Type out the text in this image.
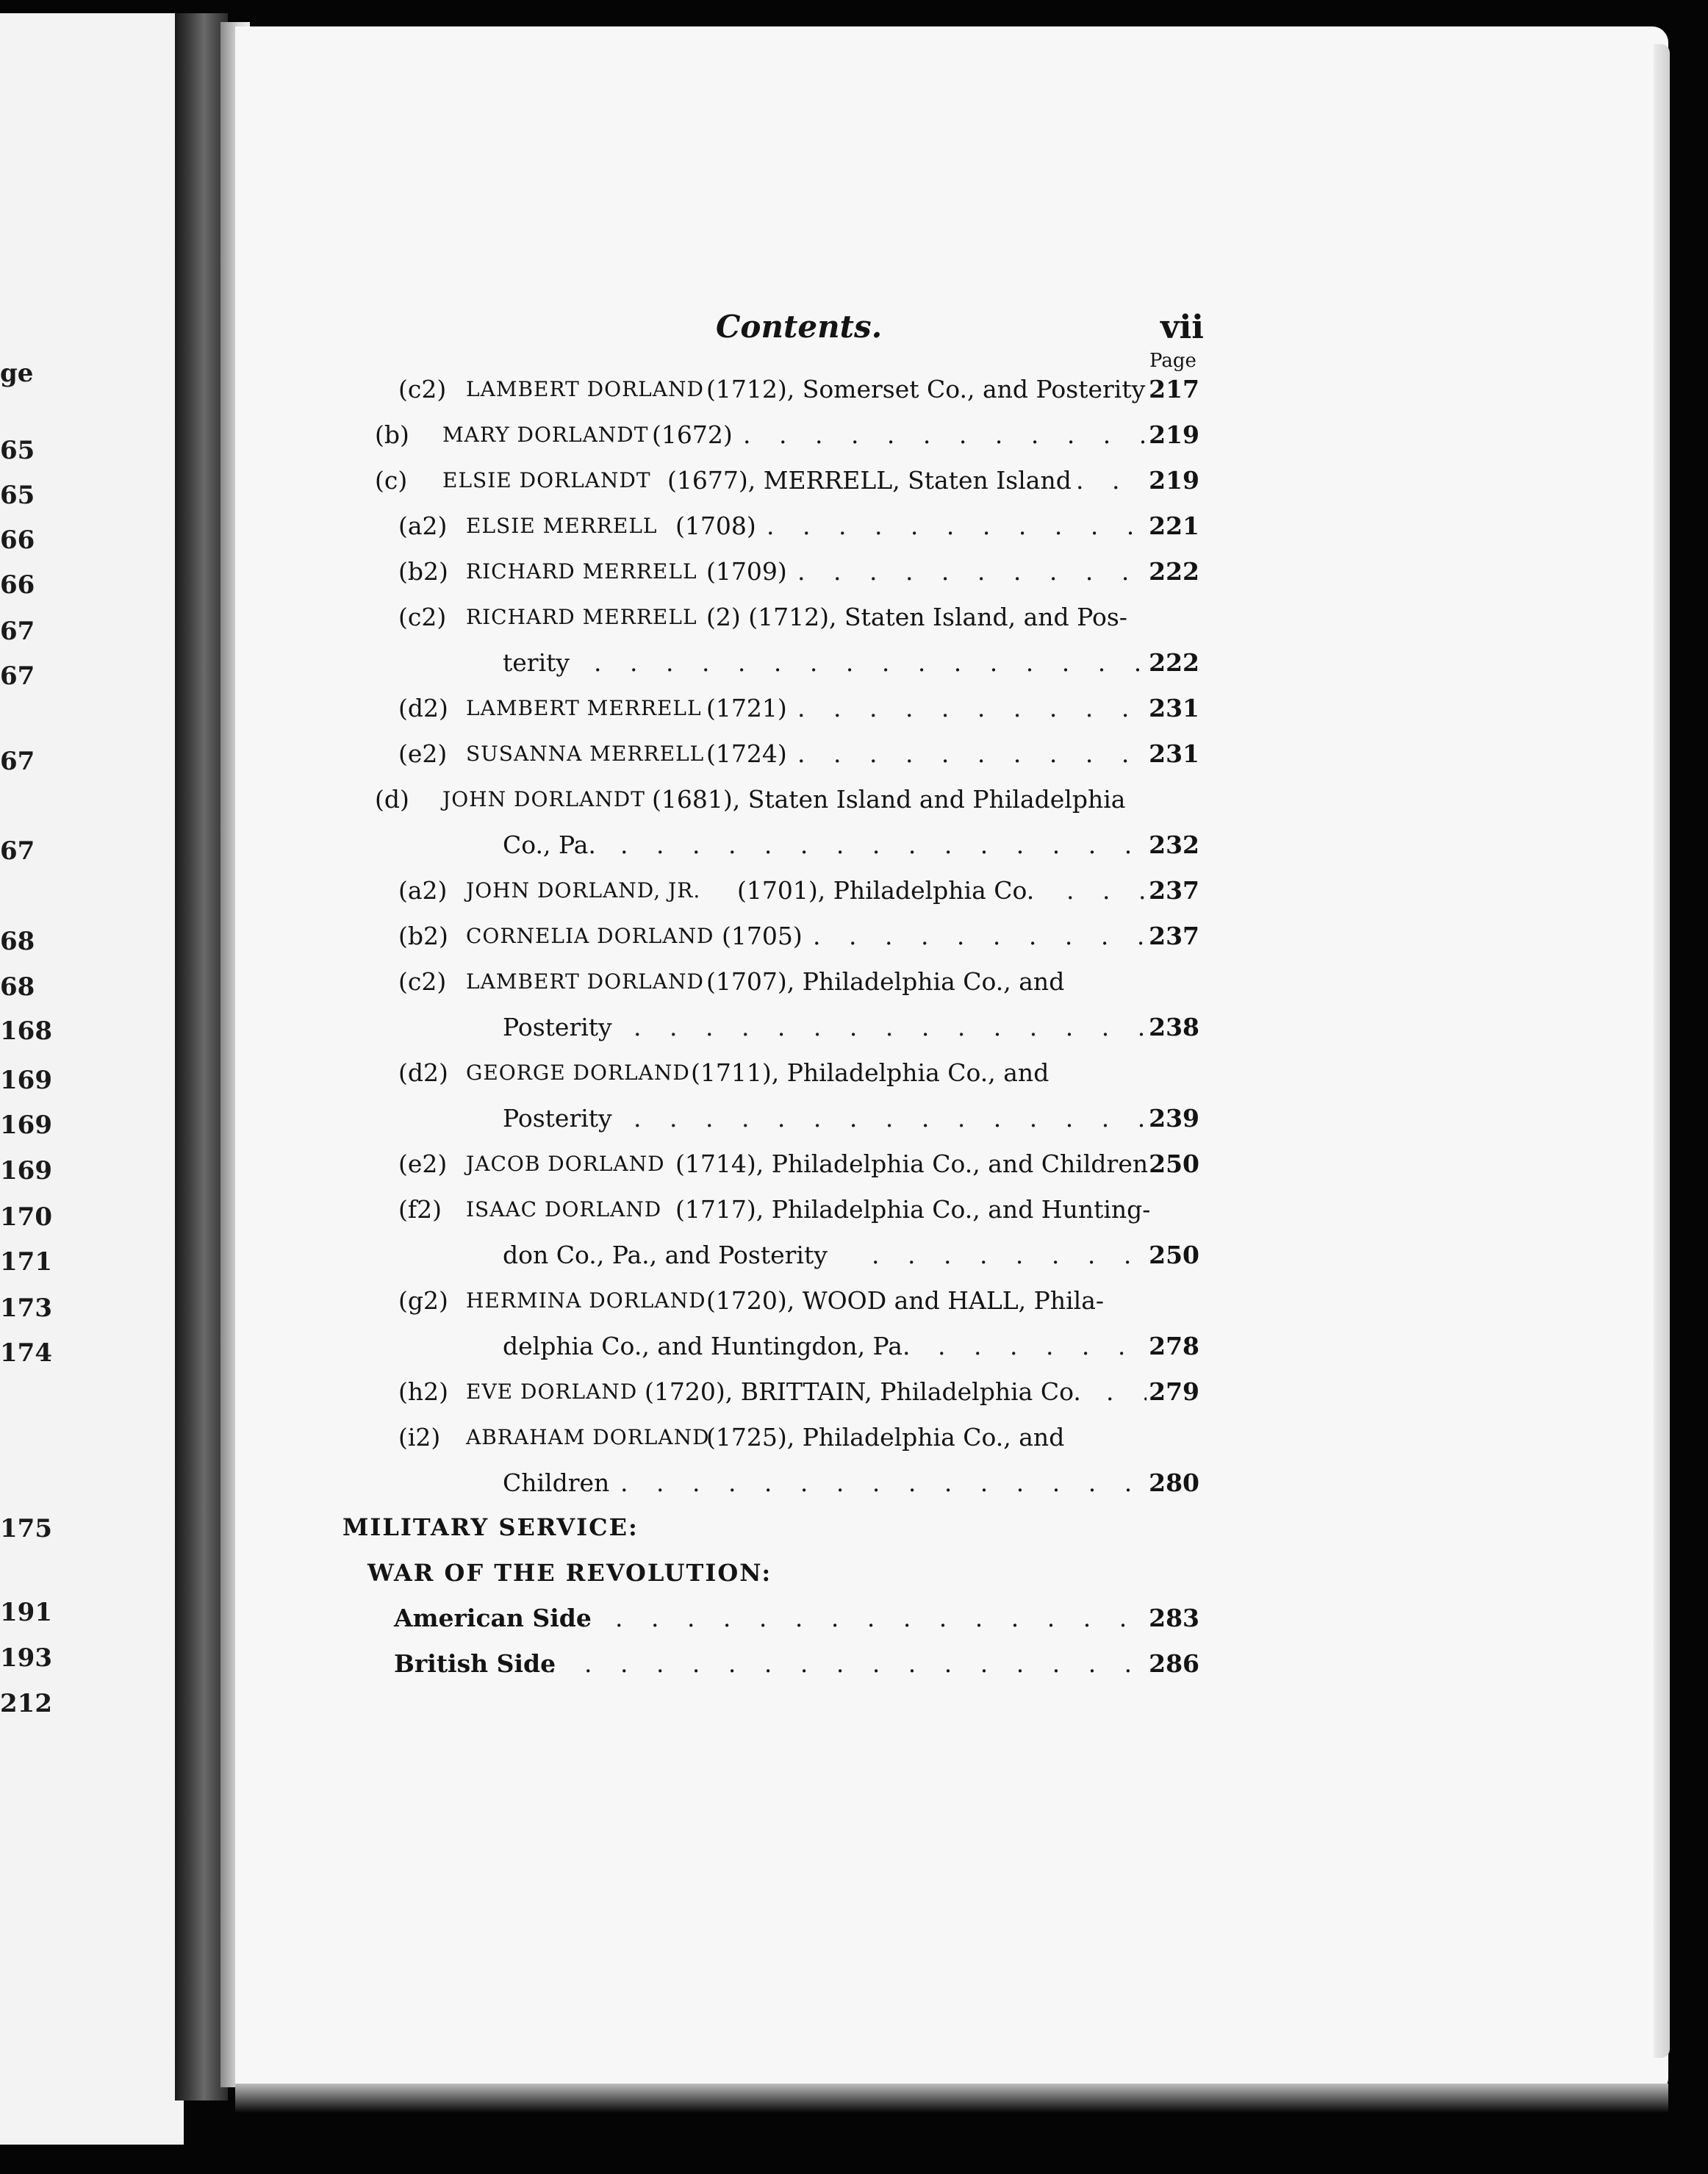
ge
65
65
66
66
67
67
67
67
68
68
168
169
169
169
170
171
173
174
175
191
193
212
Contents.	vii
Page
(c2) LAMBERT DORLAND (1712), Somerset Co., and Posterity 217
(b) MARY DORLANDT (1672) . . .	219
(c) ELSIE DORLANDT (1677), MERRELL, Staten Island . . .	219
(a2) ELSIE MERRELL (1708) . . .	221
(b2) RICHARD MERRELL (1709) . . .	222
(c2) RICHARD MERRELL (2) (1712), Staten Island, and Pos-
terity . . .	222
(d2) LAMBERT MERRELL (1721) . . .	231
(e2) SUSANNA MERRELL (1724) . . .	231
(d) JOHN DORLANDT (1681), Staten Island and Philadelphia
Co., Pa. . . .	232
(a2) JOHN DORLAND, JR. (1701), Philadelphia Co. . . .	237
(b2) CORNELIA DORLAND (1705) . . .	237
(c2) LAMBERT DORLAND (1707), Philadelphia Co., and
Posterity . . .	238
(d2) GEORGE DORLAND (1711), Philadelphia Co., and
Posterity . . .	239
(e2) JACOB DORLAND (1714), Philadelphia Co., and Children 250
(f2) ISAAC DORLAND (1717), Philadelphia Co., and Hunting-
don Co., Pa., and Posterity . . .	250
(g2) HERMINA DORLAND (1720), WOOD and HALL, Phila-
delphia Co., and Huntingdon, Pa. . . .	278
(h2) EVE DORLAND (1720), BRITTAIN, Philadelphia Co. . . .	279
(i2) ABRAHAM DORLAND
(1725), Philadelphia Co., and
Children . . .	280
MILITARY SERVICE:
WAR OF THE REVOLUTION:
American Side . . .	283
British Side . . .	286
